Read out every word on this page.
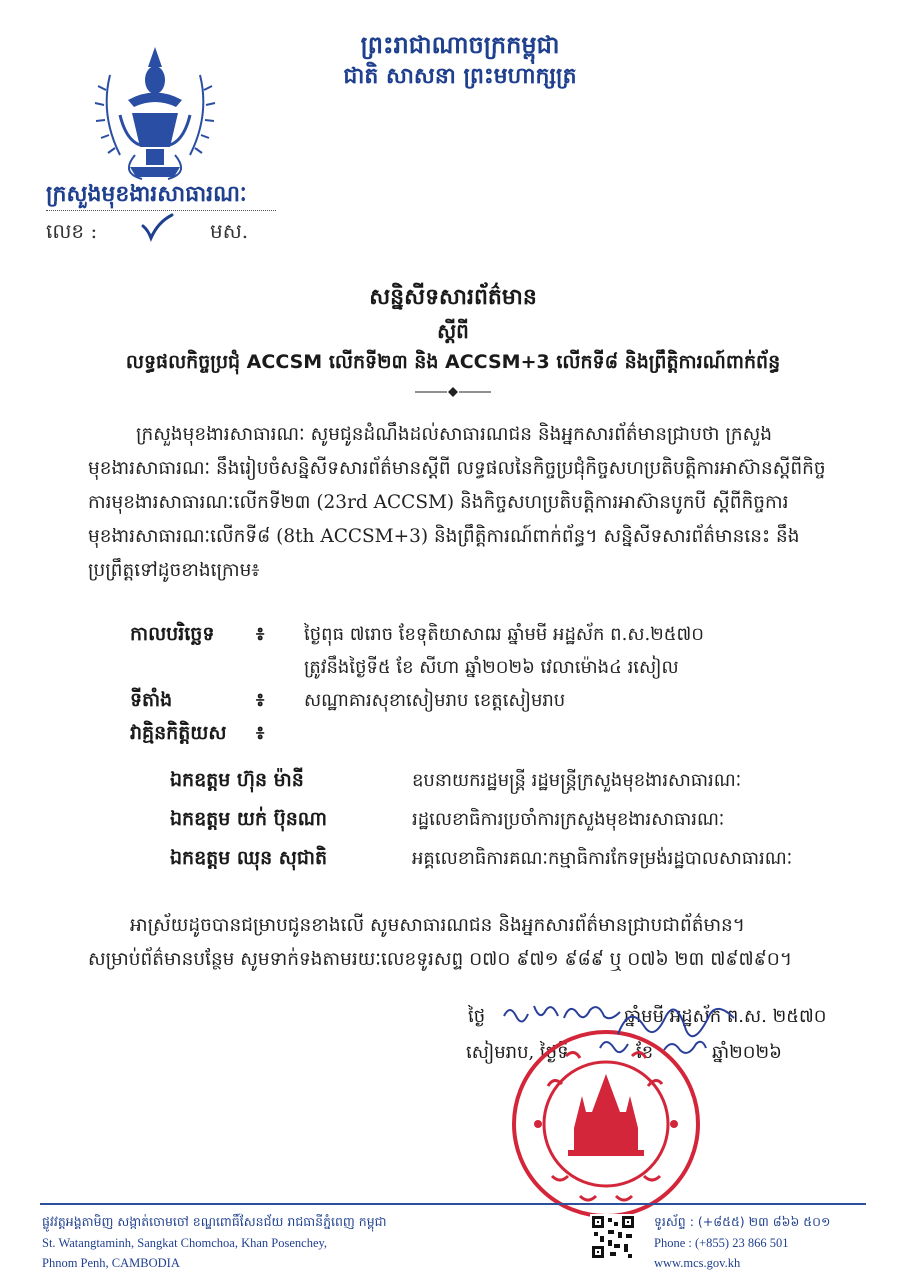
ព្រះរាជាណាចក្រកម្ពុជា
ជាតិ សាសនា ព្រះមហាក្សត្រ
ក្រសួងមុខងារសាធារណៈ
លេខ :	មស.
សន្និសីទសារព័ត៌មាន
ស្តីពី
លទ្ធផលកិច្ចប្រជុំ ACCSM លើកទី២៣ និង ACCSM+3 លើកទី៨ និងព្រឹត្តិការណ៍ពាក់ព័ន្ធ
ក្រសួងមុខងារសាធារណៈ សូមជូនដំណឹងដល់សាធារណជន និងអ្នកសារព័ត៌មានជ្រាបថា ក្រសួងមុខងារសាធារណៈ នឹងរៀបចំសន្និសីទសារព័ត៌មានស្តីពី លទ្ធផលនៃកិច្ចប្រជុំកិច្ចសហប្រតិបត្តិការអាស៊ានស្តីពីកិច្ចការមុខងារសាធារណៈលើកទី២៣ (23rd ACCSM) និងកិច្ចសហប្រតិបត្តិការអាស៊ានបូកបី ស្តីពីកិច្ចការមុខងារសាធារណៈលើកទី៨ (8th ACCSM+3) និងព្រឹត្តិការណ៍ពាក់ព័ន្ធ។ សន្និសីទសារព័ត៌មាននេះ នឹងប្រព្រឹត្តទៅដូចខាងក្រោម៖
កាលបរិច្ឆេទ ៖ ថ្ងៃពុធ ៧រោច ខែទុតិយាសាឍ ឆ្នាំមមី អដ្ឋស័ក ព.ស.២៥៧០
ត្រូវនឹងថ្ងៃទី៥ ខែ សីហា ឆ្នាំ២០២៦ វេលាម៉ោង៤ រសៀល
ទីតាំង	៖ សណ្ឋាគារសុខាសៀមរាប ខេត្តសៀមរាប
វាគ្មិនកិត្តិយស ៖
ឯកឧត្តម ហ៊ុន ម៉ានី	ឧបនាយករដ្ឋមន្ត្រី រដ្ឋមន្ត្រីក្រសួងមុខងារសាធារណៈ
ឯកឧត្តម យក់ ប៊ុនណា	រដ្ឋលេខាធិការប្រចាំការក្រសួងមុខងារសាធារណៈ
ឯកឧត្តម ឈុន សុជាតិ	អគ្គលេខាធិការគណៈកម្មាធិការកែទម្រង់រដ្ឋបាលសាធារណៈ
អាស្រ័យដូចបានជម្រាបជូនខាងលើ សូមសាធារណជន និងអ្នកសារព័ត៌មានជ្រាបជាព័ត៌មាន។
សម្រាប់ព័ត៌មានបន្ថែម សូមទាក់ទងតាមរយៈលេខទូរសព្ទ ០៧០ ៩៧១ ៩៨៩ ឬ ០៧៦ ២៣ ៧៩៧៩០។
ថ្ងៃ	ឆ្នាំមមី អដ្ឋស័ក ព.ស. ២៥៧០
សៀមរាប, ថ្ងៃទី	ខែ	ឆ្នាំ២០២៦
ផ្លូវវត្តអង្គតាមិញ សង្កាត់ចោមចៅ ខណ្ឌពោធិ៍សែនជ័យ រាជធានីភ្នំពេញ កម្ពុជា
St. Watangtaminh, Sangkat Chomchoa, Khan Posenchey,
Phnom Penh, CAMBODIA
ទូរស័ព្ទ : (+៨៥៥) ២៣ ៨៦៦ ៥០១
Phone : (+855) 23 866 501
www.mcs.gov.kh
